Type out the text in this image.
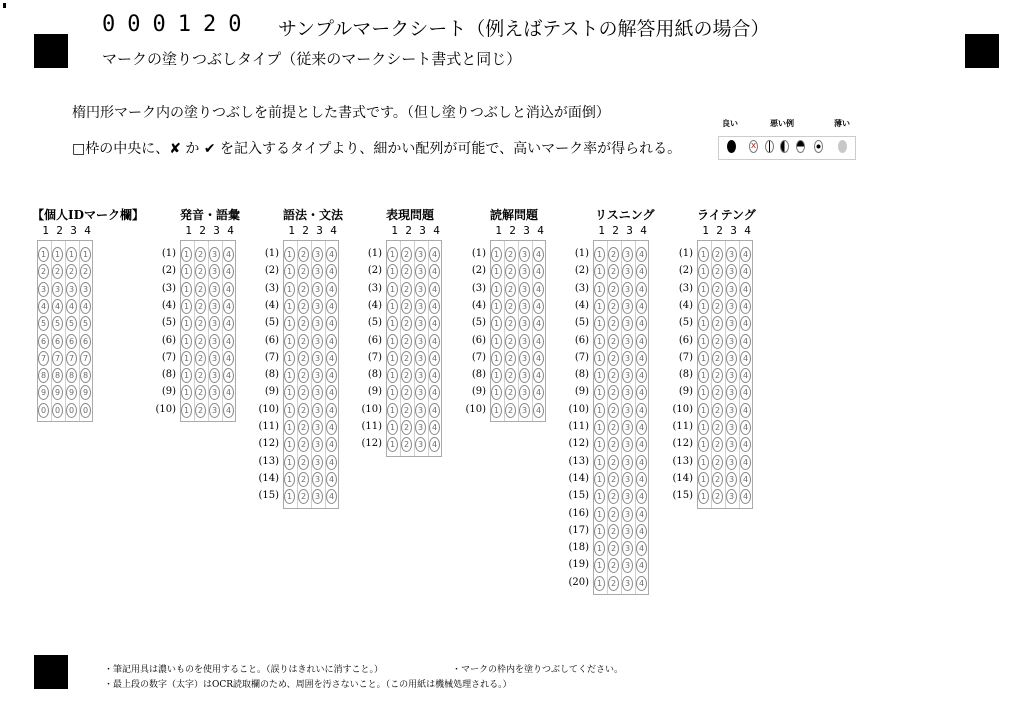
000120 サンプルマークシート（例えばテストの解答用紙の場合）
マークの塗りつぶしタイプ（従来のマークシート書式と同じ）
楕円形マーク内の塗りつぶしを前提とした書式です。（但し塗りつぶしと消込が面倒）
□枠の中央に、✘ か ✔ を記入するタイプより、細かい配列が可能で、高いマーク率が得られる。
良い	悪い例	薄い
x
【個人IDマーク欄】
1 2 3 4
1	1	1	1
2	2	2	2
3	3	3	3
4	4	4	4
5	5	5	5
6	6	6	6
7	7	7	7
8	8	8	8
9	9	9	9
0	0	0	0
発音・語彙
1 2 3 4
(1) 1	2	3	4
(2) 1	2	3	4
(3) 1	2	3	4
(4) 1	2	3	4
(5) 1	2	3	4
(6) 1	2	3	4
(7) 1	2	3	4
(8) 1	2	3	4
(9) 1	2	3	4
(10) 1	2	3	4
語法・文法
1 2 3 4
(1) 1	2	3	4
(2) 1	2	3	4
(3) 1	2	3	4
(4) 1	2	3	4
(5) 1	2	3	4
(6) 1	2	3	4
(7) 1	2	3	4
(8) 1	2	3	4
(9) 1	2	3	4
(10) 1	2	3	4
(11) 1	2	3	4
(12) 1	2	3	4
(13) 1	2	3	4
(14) 1	2	3	4
(15) 1	2	3	4
表現問題
1 2 3 4
(1) 1	2	3	4
(2) 1	2	3	4
(3) 1	2	3	4
(4) 1	2	3	4
(5) 1	2	3	4
(6) 1	2	3	4
(7) 1	2	3	4
(8) 1	2	3	4
(9) 1	2	3	4
(10) 1	2	3	4
(11) 1	2	3	4
(12) 1	2	3	4
読解問題
1 2 3 4
(1) 1	2	3	4
(2) 1	2	3	4
(3) 1	2	3	4
(4) 1	2	3	4
(5) 1	2	3	4
(6) 1	2	3	4
(7) 1	2	3	4
(8) 1	2	3	4
(9) 1	2	3	4
(10) 1	2	3	4
リスニング
1 2 3 4
(1) 1	2	3	4
(2) 1	2	3	4
(3) 1	2	3	4
(4) 1	2	3	4
(5) 1	2	3	4
(6) 1	2	3	4
(7) 1	2	3	4
(8) 1	2	3	4
(9) 1	2	3	4
(10) 1	2	3	4
(11) 1	2	3	4
(12) 1	2	3	4
(13) 1	2	3	4
(14) 1	2	3	4
(15) 1	2	3	4
(16) 1	2	3	4
(17) 1	2	3	4
(18) 1	2	3	4
(19) 1	2	3	4
(20) 1	2	3	4
ライテング
1 2 3 4
(1) 1	2	3	4
(2) 1	2	3	4
(3) 1	2	3	4
(4) 1	2	3	4
(5) 1	2	3	4
(6) 1	2	3	4
(7) 1	2	3	4
(8) 1	2	3	4
(9) 1	2	3	4
(10) 1	2	3	4
(11) 1	2	3	4
(12) 1	2	3	4
(13) 1	2	3	4
(14) 1	2	3	4
(15) 1	2	3	4
・筆記用具は濃いものを使用すること。（誤りはきれいに消すこと。）	・マークの枠内を塗りつぶしてください。
・最上段の数字（太字）はOCR読取欄のため、周囲を汚さないこと。（この用紙は機械処理される。）
